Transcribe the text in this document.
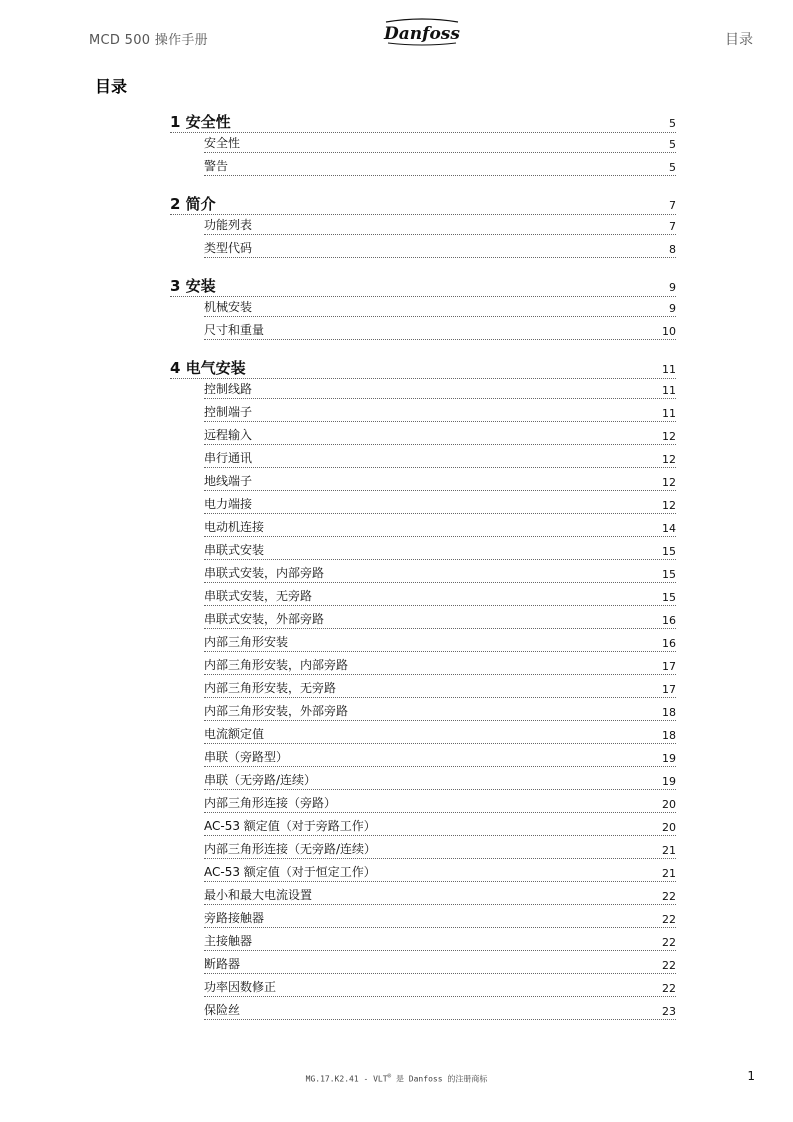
MCD 500 操作手册	Danfoss	目录
目录
1 安全性	5
安全性	5
警告	5
2 简介	7
功能列表	7
类型代码	8
3 安装	9
机械安装	9
尺寸和重量	10
4 电气安装	11
控制线路	11
控制端子	11
远程输入	12
串行通讯	12
地线端子	12
电力端接	12
电动机连接	14
串联式安装	15
串联式安装，内部旁路	15
串联式安装，无旁路	15
串联式安装，外部旁路	16
内部三角形安装	16
内部三角形安装，内部旁路	17
内部三角形安装，无旁路	17
内部三角形安装，外部旁路	18
电流额定值	18
串联（旁路型）	19
串联（无旁路/连续）	19
内部三角形连接（旁路）	20
AC-53 额定值（对于旁路工作）	20
内部三角形连接（无旁路/连续）	21
AC-53 额定值（对于恒定工作）	21
最小和最大电流设置	22
旁路接触器	22
主接触器	22
断路器	22
功率因数修正	22
保险丝	23
MG.17.K2.41 - VLT® 是 Danfoss 的注册商标	1
